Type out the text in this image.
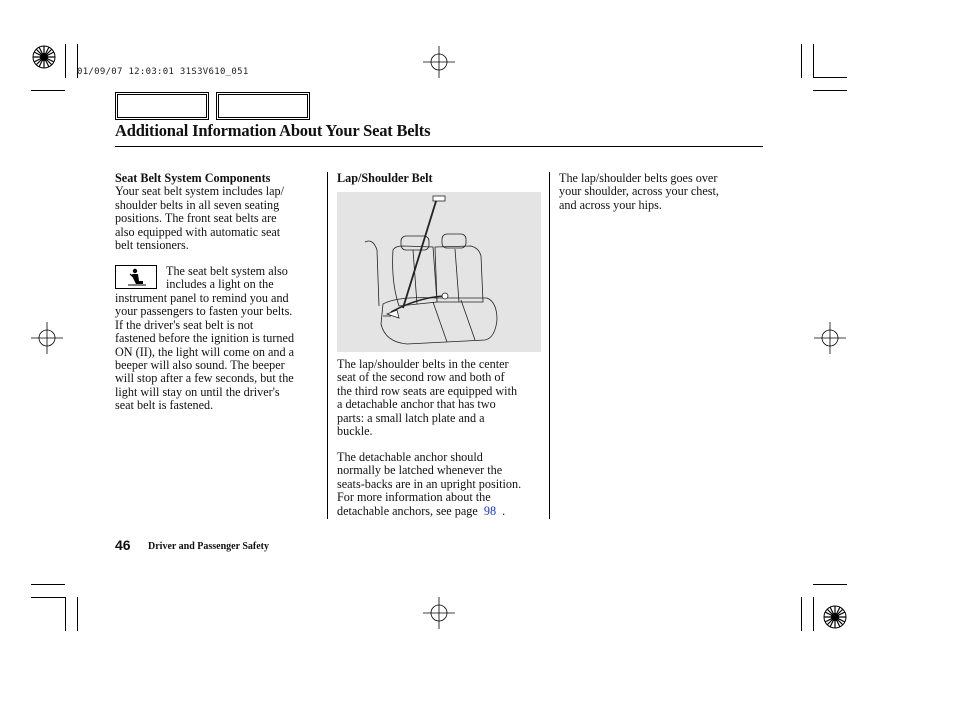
01/09/07 12:03:01 31S3V610_051
Additional Information About Your Seat Belts

Seat Belt System Components

Your seat belt system includes lap/
shoulder belts in all seven seating
positions. The front seat belts are
also equipped with automatic seat
belt tensioners.

The seat belt system also
includes a light on the
instrument panel to remind you and
your passengers to fasten your belts.
If the driver's seat belt is not
fastened before the ignition is turned
ON (II), the light will come on and a
beeper will also sound. The beeper
will stop after a few seconds, but the
light will stay on until the driver's
seat belt is fastened.

Lap/Shoulder Belt

The lap/shoulder belts in the center
seat of the second row and both of
the third row seats are equipped with
a detachable anchor that has two
parts: a small latch plate and a
buckle.
The detachable anchor should
normally be latched whenever the
seats-backs are in an upright position.
For more information about the
detachable anchors, see page 98 .
The lap/shoulder belts goes over
your shoulder, across your chest,
and across your hips.
46 Driver and Passenger Safety
